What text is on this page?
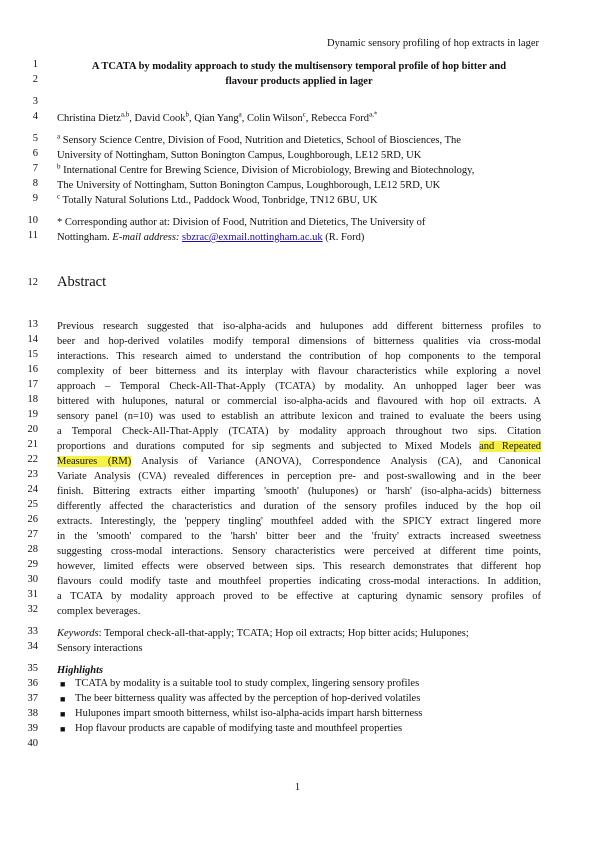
Dynamic sensory profiling of hop extracts in lager
1
2
3
4
5
6
7
8
9
10
11
12
13
14
15
16
17
18
19
20
21
22
23
24
25
26
27
28
29
30
31
32
33
34
35
36
37
38
39
40
A TCATA by modality approach to study the multisensory temporal profile of hop bitter and
flavour products applied in lager
Christina Dietz$^{a,b}$, David Cook$^b$, Qian Yang$^a$, Colin Wilson$^c$, Rebecca Ford$^{a,*}$
$^a$ Sensory Science Centre, Division of Food, Nutrition and Dietetics, School of Biosciences, The
University of Nottingham, Sutton Bonington Campus, Loughborough, LE12 5RD, UK
$^b$ International Centre for Brewing Science, Division of Microbiology, Brewing and Biotechnology,
The University of Nottingham, Sutton Bonington Campus, Loughborough, LE12 5RD, UK
$^c$ Totally Natural Solutions Ltd., Paddock Wood, Tonbridge, TN12 6BU, UK
* Corresponding author at: Division of Food, Nutrition and Dietetics, The University of
Nottingham. E-mail address: sbzrac@exmail.nottingham.ac.uk (R. Ford)
Abstract
Previous research suggested that iso-alpha-acids and hulupones add different bitterness profiles to
beer and hop-derived volatiles modify temporal dimensions of bitterness qualities via cross-modal
interactions. This research aimed to understand the contribution of hop components to the temporal
complexity of beer bitterness and its interplay with flavour characteristics while exploring a novel
approach – Temporal Check-All-That-Apply (TCATA) by modality. An unhopped lager beer was
bittered with hulupones, natural or commercial iso-alpha-acids and flavoured with hop oil extracts. A
sensory panel (n=10) was used to establish an attribute lexicon and trained to evaluate the beers using
a Temporal Check-All-That-Apply (TCATA) by modality approach throughout two sips. Citation
proportions and durations computed for sip segments and subjected to Mixed Models and Repeated
Measures (RM) Analysis of Variance (ANOVA), Correspondence Analysis (CA), and Canonical
Variate Analysis (CVA) revealed differences in perception pre- and post-swallowing and in the beer
finish. Bittering extracts either imparting 'smooth' (hulupones) or 'harsh' (iso-alpha-acids) bitterness
differently affected the characteristics and duration of the sensory profiles induced by the hop oil
extracts. Interestingly, the 'peppery tingling' mouthfeel added with the SPICY extract lingered more
in the 'smooth' compared to the 'harsh' bitter beer and the 'fruity' extracts increased sweetness
suggesting cross-modal interactions. Sensory characteristics were perceived at different time points,
however, limited effects were observed between sips. This research demonstrates that different hop
flavours could modify taste and mouthfeel properties indicating cross-modal interactions. In addition,
a TCATA by modality approach proved to be effective at capturing dynamic sensory profiles of
complex beverages.
Keywords: Temporal check-all-that-apply; TCATA; Hop oil extracts; Hop bitter acids; Hulupones;
Sensory interactions
Highlights
■ TCATA by modality is a suitable tool to study complex, lingering sensory profiles
■ The beer bitterness quality was affected by the perception of hop-derived volatiles
■ Hulupones impart smooth bitterness, whilst iso-alpha-acids impart harsh bitterness
■ Hop flavour products are capable of modifying taste and mouthfeel properties
1
